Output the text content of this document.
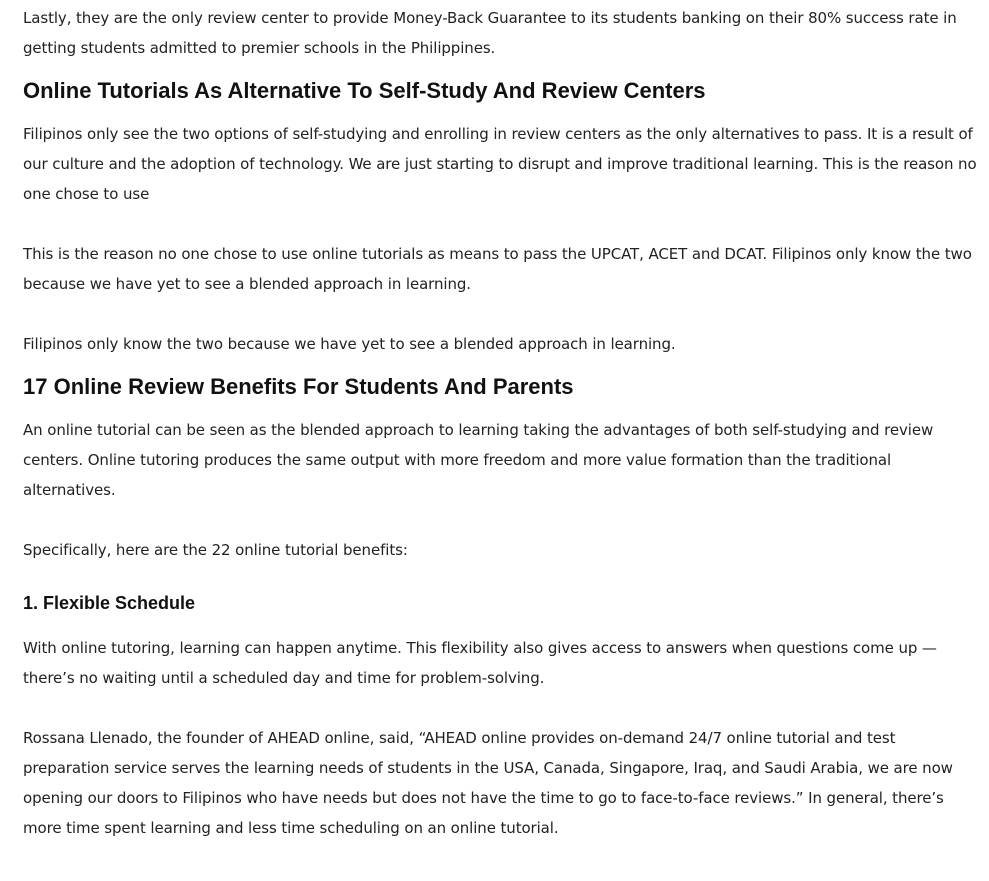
Lastly, they are the only review center to provide Money-Back Guarantee to its students banking on their 80% success rate in getting students admitted to premier schools in the Philippines.

Online Tutorials As Alternative To Self-Study And Review Centers

Filipinos only see the two options of self-studying and enrolling in review centers as the only alternatives to pass. It is a result of our culture and the adoption of technology. We are just starting to disrupt and improve traditional learning. This is the reason no one chose to use

This is the reason no one chose to use online tutorials as means to pass the UPCAT, ACET and DCAT. Filipinos only know the two because we have yet to see a blended approach in learning.

Filipinos only know the two because we have yet to see a blended approach in learning.

17 Online Review Benefits For Students And Parents

An online tutorial can be seen as the blended approach to learning taking the advantages of both self-studying and review centers. Online tutoring produces the same output with more freedom and more value formation than the traditional alternatives.

Specifically, here are the 22 online tutorial benefits:

1. Flexible Schedule

With online tutoring, learning can happen anytime. This flexibility also gives access to answers when questions come up — there’s no waiting until a scheduled day and time for problem-solving.

Rossana Llenado, the founder of AHEAD online, said, “AHEAD online provides on-demand 24/7 online tutorial and test preparation service serves the learning needs of students in the USA, Canada, Singapore, Iraq, and Saudi Arabia, we are now opening our doors to Filipinos who have needs but does not have the time to go to face-to-face reviews.” In general, there’s more time spent learning and less time scheduling on an online tutorial.
